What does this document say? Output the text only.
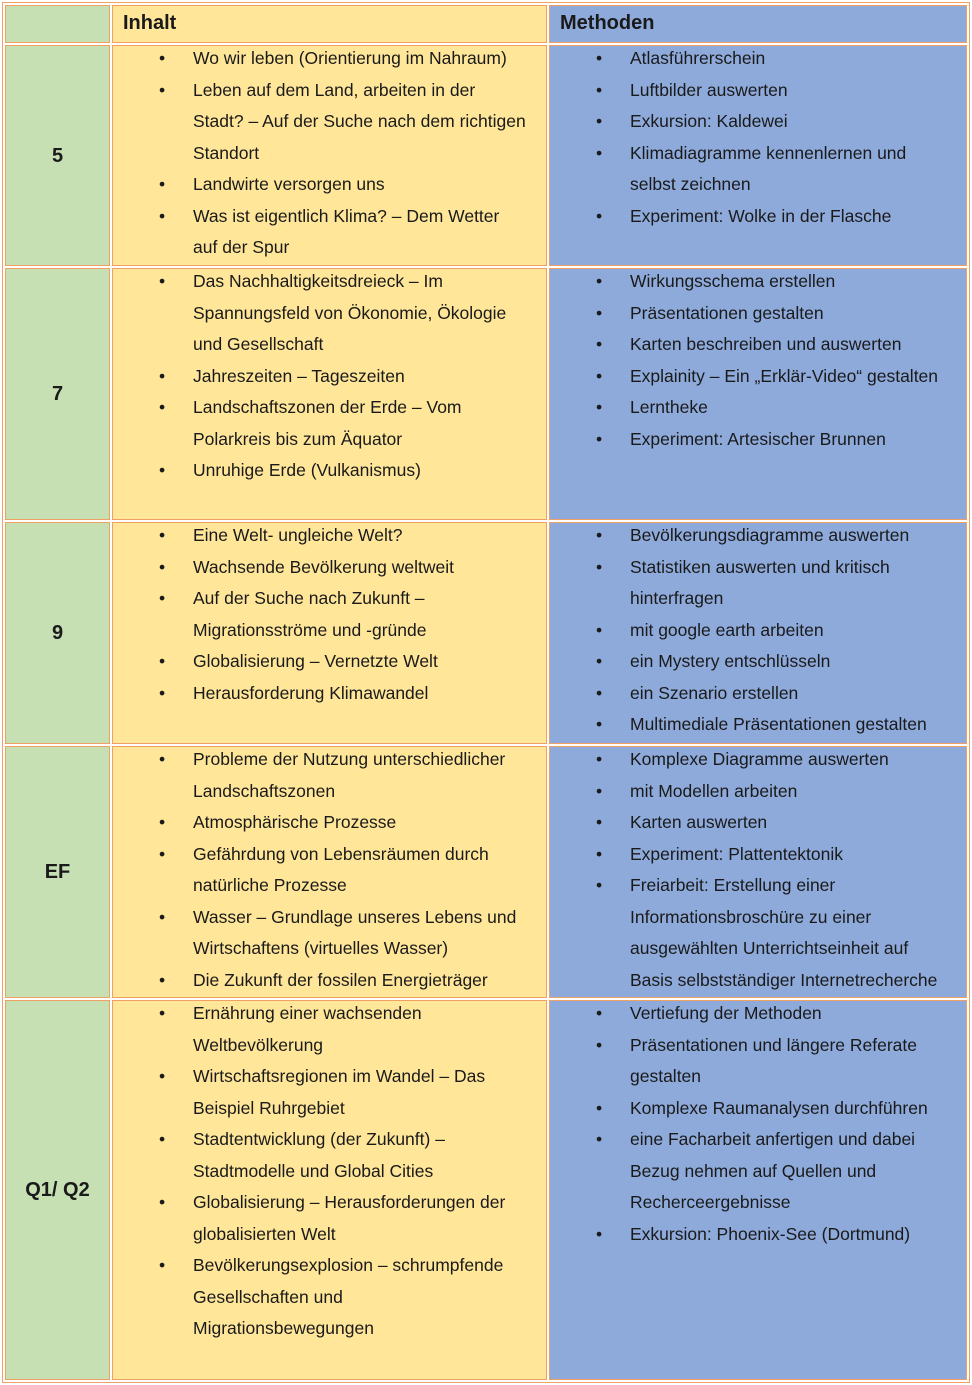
Inhalt	Methoden
5
• Wo wir leben (Orientierung im Nahraum)
• Leben auf dem Land, arbeiten in der
Stadt? – Auf der Suche nach dem richtigen
Standort
• Landwirte versorgen uns
• Was ist eigentlich Klima? – Dem Wetter
auf der Spur
• Atlasführerschein
• Luftbilder auswerten
• Exkursion: Kaldewei
• Klimadiagramme kennenlernen und
selbst zeichnen
• Experiment: Wolke in der Flasche
7
• Das Nachhaltigkeitsdreieck – Im
Spannungsfeld von Ökonomie, Ökologie
und Gesellschaft
• Jahreszeiten – Tageszeiten
• Landschaftszonen der Erde – Vom
Polarkreis bis zum Äquator
• Unruhige Erde (Vulkanismus)
• Wirkungsschema erstellen
• Präsentationen gestalten
• Karten beschreiben und auswerten
• Explainity – Ein „Erklär-Video“ gestalten
• Lerntheke
• Experiment: Artesischer Brunnen
9
• Eine Welt- ungleiche Welt?
• Wachsende Bevölkerung weltweit
• Auf der Suche nach Zukunft –
Migrationsströme und -gründe
• Globalisierung – Vernetzte Welt
• Herausforderung Klimawandel
• Bevölkerungsdiagramme auswerten
• Statistiken auswerten und kritisch
hinterfragen
• mit google earth arbeiten
• ein Mystery entschlüsseln
• ein Szenario erstellen
• Multimediale Präsentationen gestalten
EF
• Probleme der Nutzung unterschiedlicher
Landschaftszonen
• Atmosphärische Prozesse
• Gefährdung von Lebensräumen durch
natürliche Prozesse
• Wasser – Grundlage unseres Lebens und
Wirtschaftens (virtuelles Wasser)
• Die Zukunft der fossilen Energieträger
• Komplexe Diagramme auswerten
• mit Modellen arbeiten
• Karten auswerten
• Experiment: Plattentektonik
• Freiarbeit: Erstellung einer
Informationsbroschüre zu einer
ausgewählten Unterrichtseinheit auf
Basis selbstständiger Internetrecherche
Q1/ Q2
• Ernährung einer wachsenden
Weltbevölkerung
• Wirtschaftsregionen im Wandel – Das
Beispiel Ruhrgebiet
• Stadtentwicklung (der Zukunft) –
Stadtmodelle und Global Cities
• Globalisierung – Herausforderungen der
globalisierten Welt
• Bevölkerungsexplosion – schrumpfende
Gesellschaften und
Migrationsbewegungen
• Vertiefung der Methoden
• Präsentationen und längere Referate
gestalten
• Komplexe Raumanalysen durchführen
• eine Facharbeit anfertigen und dabei
Bezug nehmen auf Quellen und
Recherceergebnisse
• Exkursion: Phoenix-See (Dortmund)
